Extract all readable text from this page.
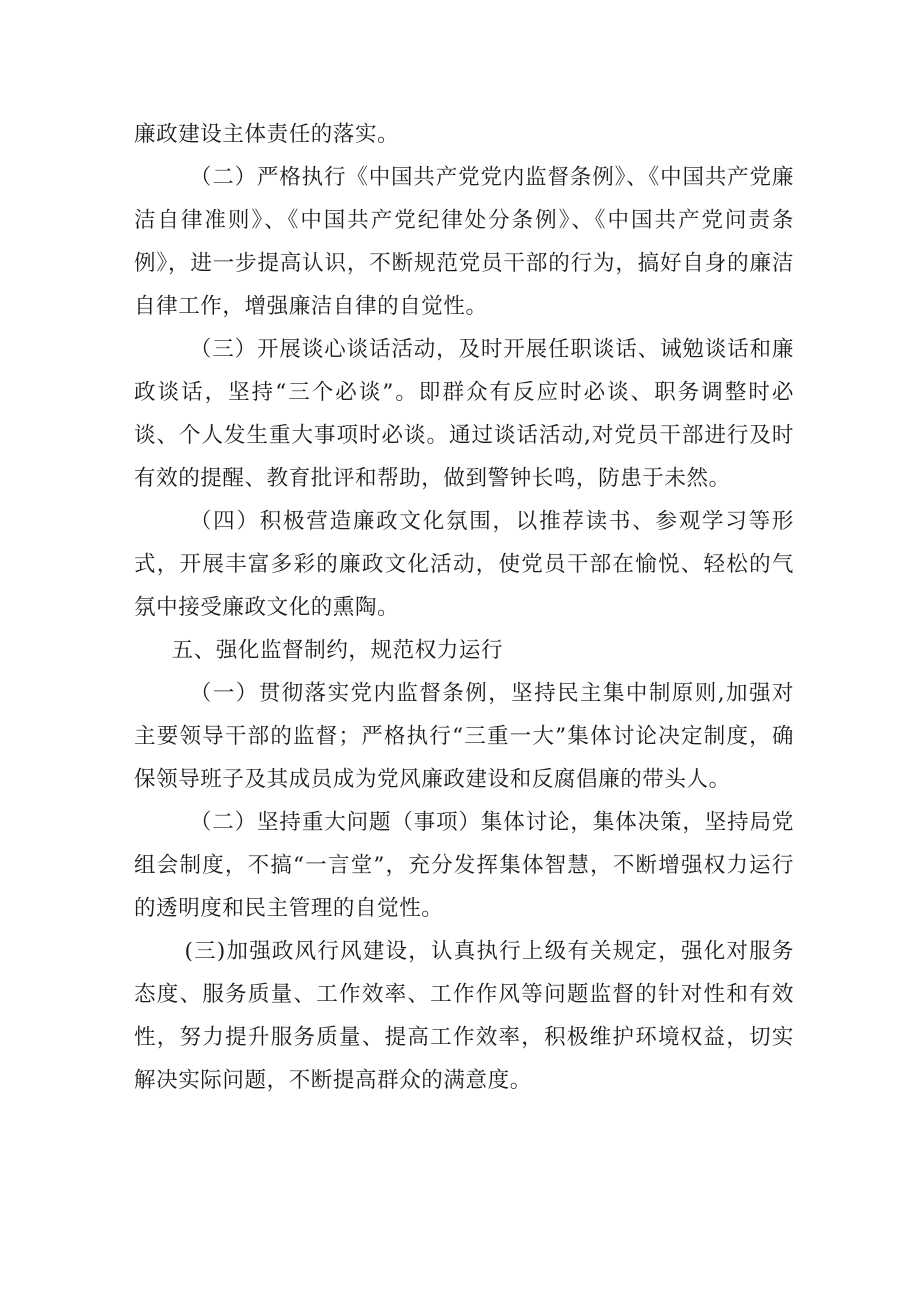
廉政建设主体责任的落实。

（二）严格执行《中国共产党党内监督条例》、《中国共产党廉洁自律准则》、《中国共产党纪律处分条例》、《中国共产党问责条例》，进一步提高认识，不断规范党员干部的行为，搞好自身的廉洁自律工作，增强廉洁自律的自觉性。

（三）开展谈心谈话活动，及时开展任职谈话、诫勉谈话和廉政谈话，坚持“三个必谈”。即群众有反应时必谈、职务调整时必谈、个人发生重大事项时必谈。通过谈话活动,对党员干部进行及时有效的提醒、教育批评和帮助，做到警钟长鸣，防患于未然。

（四）积极营造廉政文化氛围，以推荐读书、参观学习等形式，开展丰富多彩的廉政文化活动，使党员干部在愉悦、轻松的气氛中接受廉政文化的熏陶。

五、强化监督制约，规范权力运行

（一）贯彻落实党内监督条例，坚持民主集中制原则,加强对主要领导干部的监督；严格执行“三重一大”集体讨论决定制度，确保领导班子及其成员成为党风廉政建设和反腐倡廉的带头人。

（二）坚持重大问题（事项）集体讨论，集体决策，坚持局党组会制度，不搞“一言堂”，充分发挥集体智慧，不断增强权力运行的透明度和民主管理的自觉性。

(三)加强政风行风建设，认真执行上级有关规定，强化对服务态度、服务质量、工作效率、工作作风等问题监督的针对性和有效性，努力提升服务质量、提高工作效率，积极维护环境权益，切实解决实际问题，不断提高群众的满意度。
